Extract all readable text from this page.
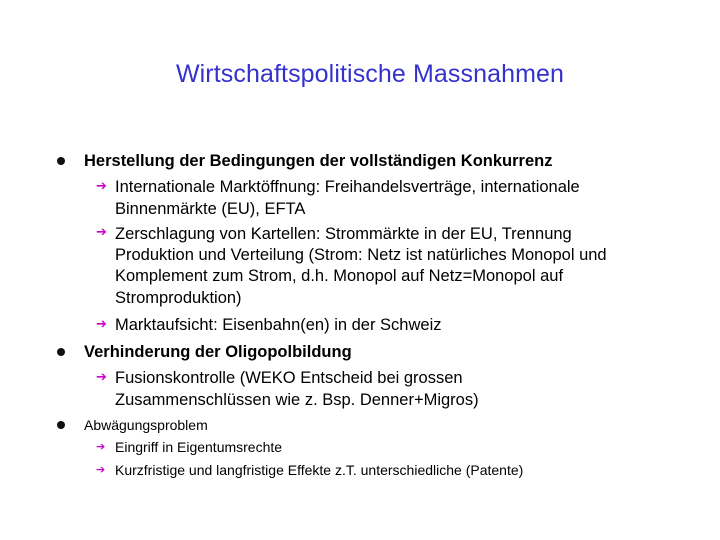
Wirtschaftspolitische Massnahmen
Herstellung der Bedingungen der vollständigen Konkurrenz
➔ Internationale Marktöffnung: Freihandelsverträge, internationale
Binnenmärkte (EU), EFTA
➔ Zerschlagung von Kartellen: Strommärkte in der EU, Trennung
Produktion und Verteilung (Strom: Netz ist natürliches Monopol und
Komplement zum Strom, d.h. Monopol auf Netz=Monopol auf
Stromproduktion)
➔ Marktaufsicht: Eisenbahn(en) in der Schweiz
Verhinderung der Oligopolbildung
➔ Fusionskontrolle (WEKO Entscheid bei grossen
Zusammenschlüssen wie z. Bsp. Denner+Migros)
Abwägungsproblem
➔ Eingriff in Eigentumsrechte
➔ Kurzfristige und langfristige Effekte z.T. unterschiedliche (Patente)
